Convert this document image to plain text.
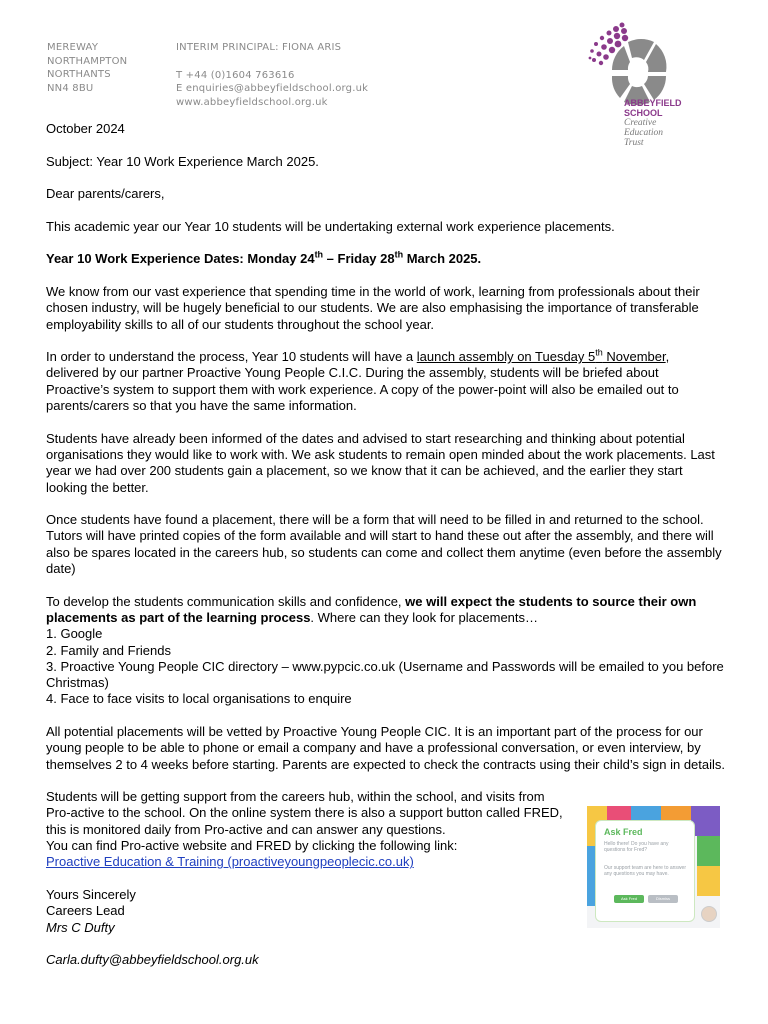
MEREWAY
NORTHAMPTON
NORTHANTS
NN4 8BU
INTERIM PRINCIPAL: FIONA ARIS
T +44 (0)1604 763616
E enquiries@abbeyfieldschool.org.uk
www.abbeyfieldschool.org.uk	ABBEYFIELD
SCHOOL
Creative
Education
Trust

October 2024

Subject: Year 10 Work Experience March 2025.

Dear parents/carers,

This academic year our Year 10 students will be undertaking external work experience placements.

Year 10 Work Experience Dates: Monday 24th – Friday 28th March 2025.

We know from our vast experience that spending time in the world of work, learning from professionals about their chosen industry, will be hugely beneficial to our students. We are also emphasising the importance of transferable employability skills to all of our students throughout the school year.

In order to understand the process, Year 10 students will have a launch assembly on Tuesday 5th November, delivered by our partner Proactive Young People C.I.C. During the assembly, students will be briefed about Proactive’s system to support them with work experience. A copy of the power-point will also be emailed out to parents/carers so that you have the same information.

Students have already been informed of the dates and advised to start researching and thinking about potential organisations they would like to work with. We ask students to remain open minded about the work placements. Last year we had over 200 students gain a placement, so we know that it can be achieved, and the earlier they start looking the better.

Once students have found a placement, there will be a form that will need to be filled in and returned to the school. Tutors will have printed copies of the form available and will start to hand these out after the assembly, and there will also be spares located in the careers hub, so students can come and collect them anytime (even before the assembly date)

To develop the students communication skills and confidence, we will expect the students to source their own placements as part of the learning process. Where can they look for placements…

1. Google

2. Family and Friends

3. Proactive Young People CIC directory – www.pypcic.co.uk (Username and Passwords will be emailed to you before Christmas)

4. Face to face visits to local organisations to enquire

All potential placements will be vetted by Proactive Young People CIC. It is an important part of the process for our young people to be able to phone or email a company and have a professional conversation, or even interview, by themselves 2 to 4 weeks before starting. Parents are expected to check the contracts using their child’s sign in details.

Students will be getting support from the careers hub, within the school, and visits from Pro-active to the school. On the online system there is also a support button called FRED, this is monitored daily from Pro-active and can answer any questions.

You can find Pro-active website and FRED by clicking the following link:

Proactive Education & Training (proactiveyoungpeoplecic.co.uk)

Yours Sincerely

Careers Lead

Mrs C Dufty

Carla.dufty@abbeyfieldschool.org.uk

Ask Fred
Hello there! Do you have any questions for Fred?
Our support team are here to answer any questions you may have.
Ask Fred	Dismiss
